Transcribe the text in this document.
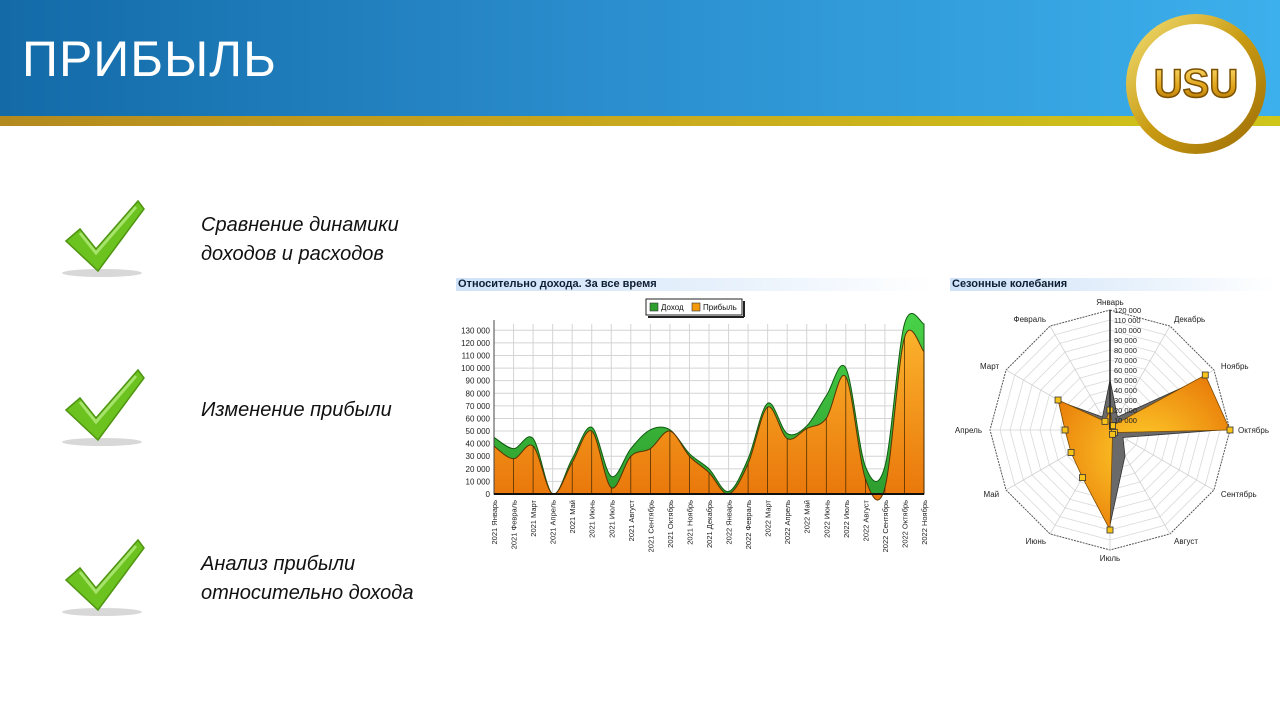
ПРИБЫЛЬ	USU
Сравнение динамики
доходов и расходов
Изменение прибыли
Анализ прибыли
относительно дохода
Относительно дохода. За все время
Доход Прибыль
0
10 000
20 000
30 000
40 000
50 000
60 000
70 000
80 000
90 000
100 000
110 000
120 000
130 000
2021 Январь 2021 Февраль 2021 Март 2021 Апрель 2021 Май 2021 Июнь 2021 Июль 2021 Август 2021 Сентябрь 2021 Октябрь 2021 Ноябрь 2021 Декабрь 2022 Январь 2022 Февраль 2022 Март 2022 Апрель 2022 Май 2022 Июнь 2022 Июль 2022 Август 2022 Сентябрь 2022 Октябрь 2022 Ноябрь
Сезонные колебания
10 000
20 000
30 000
40 000
50 000
60 000
70 000
80 000
90 000
100 000
110 000
120 000
Январь
Декабрь
Ноябрь
Октябрь
Сентябрь
Август
Июль
Июнь
Май
Апрель
Март
Февраль
